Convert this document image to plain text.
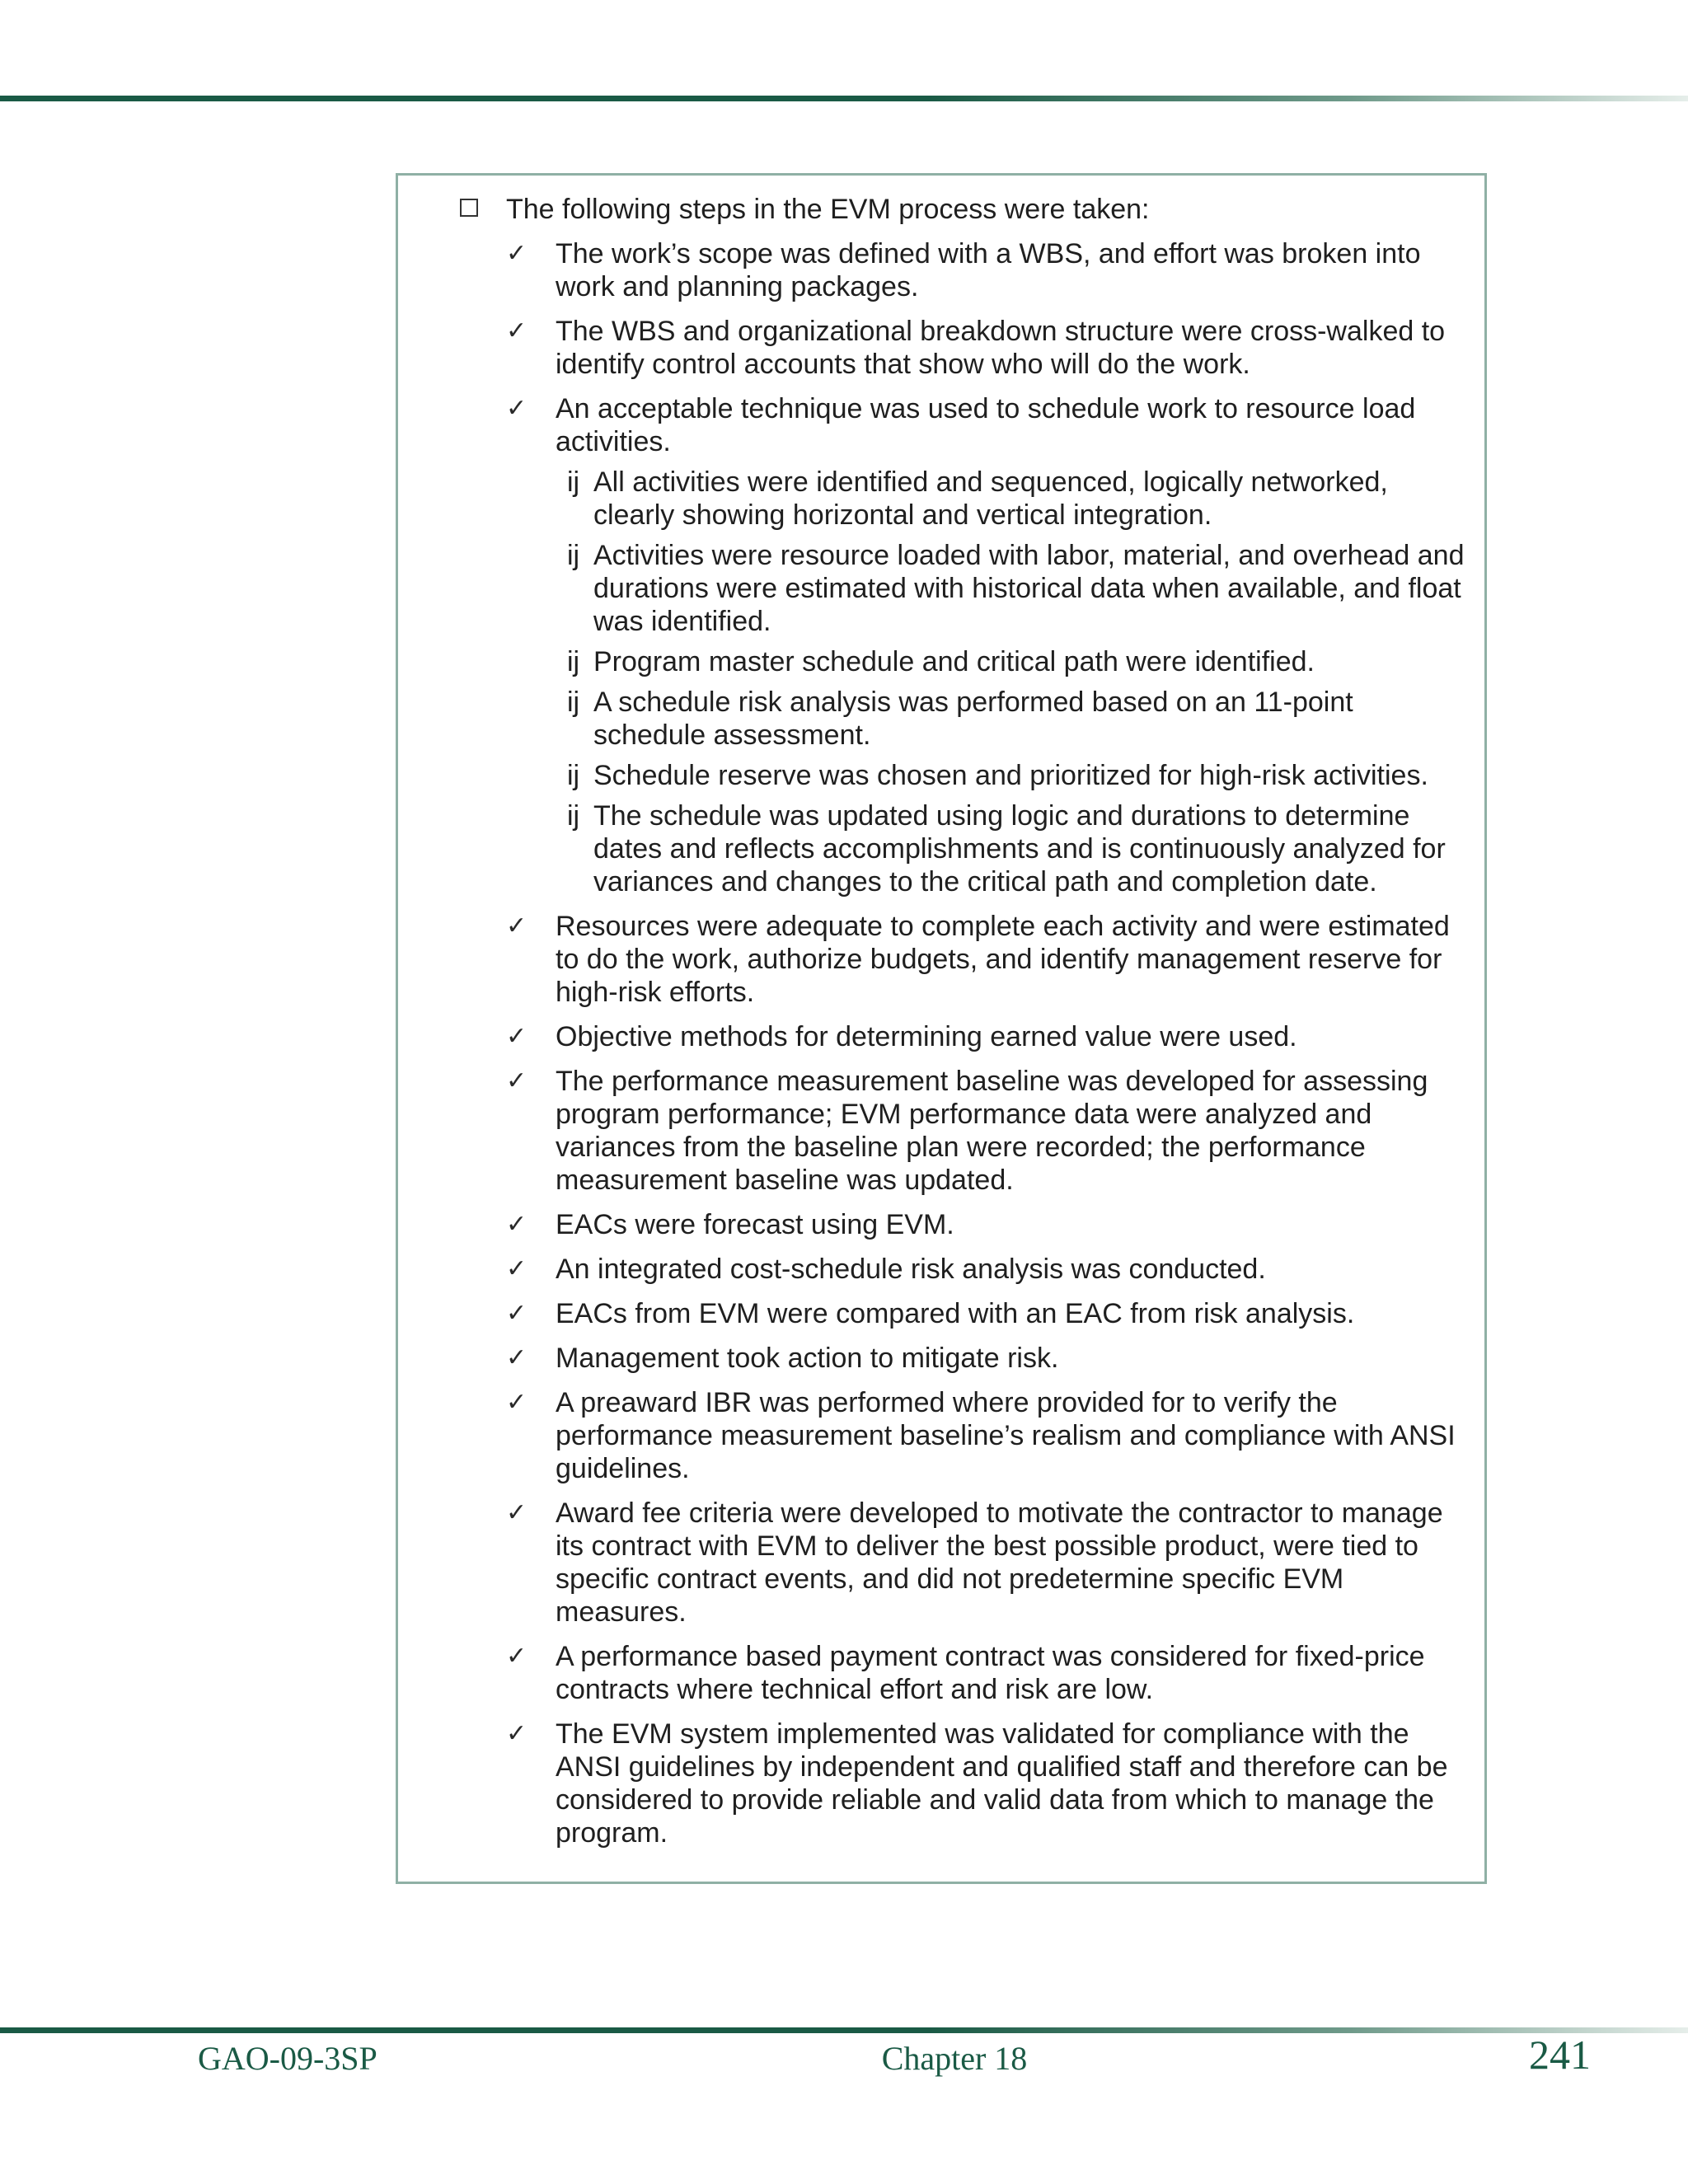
The following steps in the EVM process were taken:
✓	The work’s scope was defined with a WBS, and effort was broken into work and planning packages.
✓	The WBS and organizational breakdown structure were cross-walked to identify control accounts that show who will do the work.
✓	An acceptable technique was used to schedule work to resource load activities.
ij All activities were identified and sequenced, logically networked, clearly showing horizontal and vertical integration.
ij Activities were resource loaded with labor, material, and overhead and durations were estimated with historical data when available, and float was identified.
ij Program master schedule and critical path were identified.
ij A schedule risk analysis was performed based on an 11-point schedule assessment.
ij Schedule reserve was chosen and prioritized for high-risk activities.
ij The schedule was updated using logic and durations to determine dates and reflects accomplishments and is continuously analyzed for variances and changes to the critical path and completion date.
✓	Resources were adequate to complete each activity and were estimated to do the work, authorize budgets, and identify management reserve for high-risk efforts.
✓	Objective methods for determining earned value were used.
✓	The performance measurement baseline was developed for assessing program performance; EVM performance data were analyzed and variances from the baseline plan were recorded; the performance measurement baseline was updated.
✓	EACs were forecast using EVM.
✓	An integrated cost-schedule risk analysis was conducted.
✓	EACs from EVM were compared with an EAC from risk analysis.
✓	Management took action to mitigate risk.
✓	A preaward IBR was performed where provided for to verify the performance measurement baseline’s realism and compliance with ANSI guidelines.
✓	Award fee criteria were developed to motivate the contractor to manage its contract with EVM to deliver the best possible product, were tied to specific contract events, and did not predetermine specific EVM measures.
✓	A performance based payment contract was considered for fixed-price contracts where technical effort and risk are low.
✓	The EVM system implemented was validated for compliance with the ANSI guidelines by independent and qualified staff and therefore can be considered to provide reliable and valid data from which to manage the program.
GAO-09-3SP	Chapter 18	241
